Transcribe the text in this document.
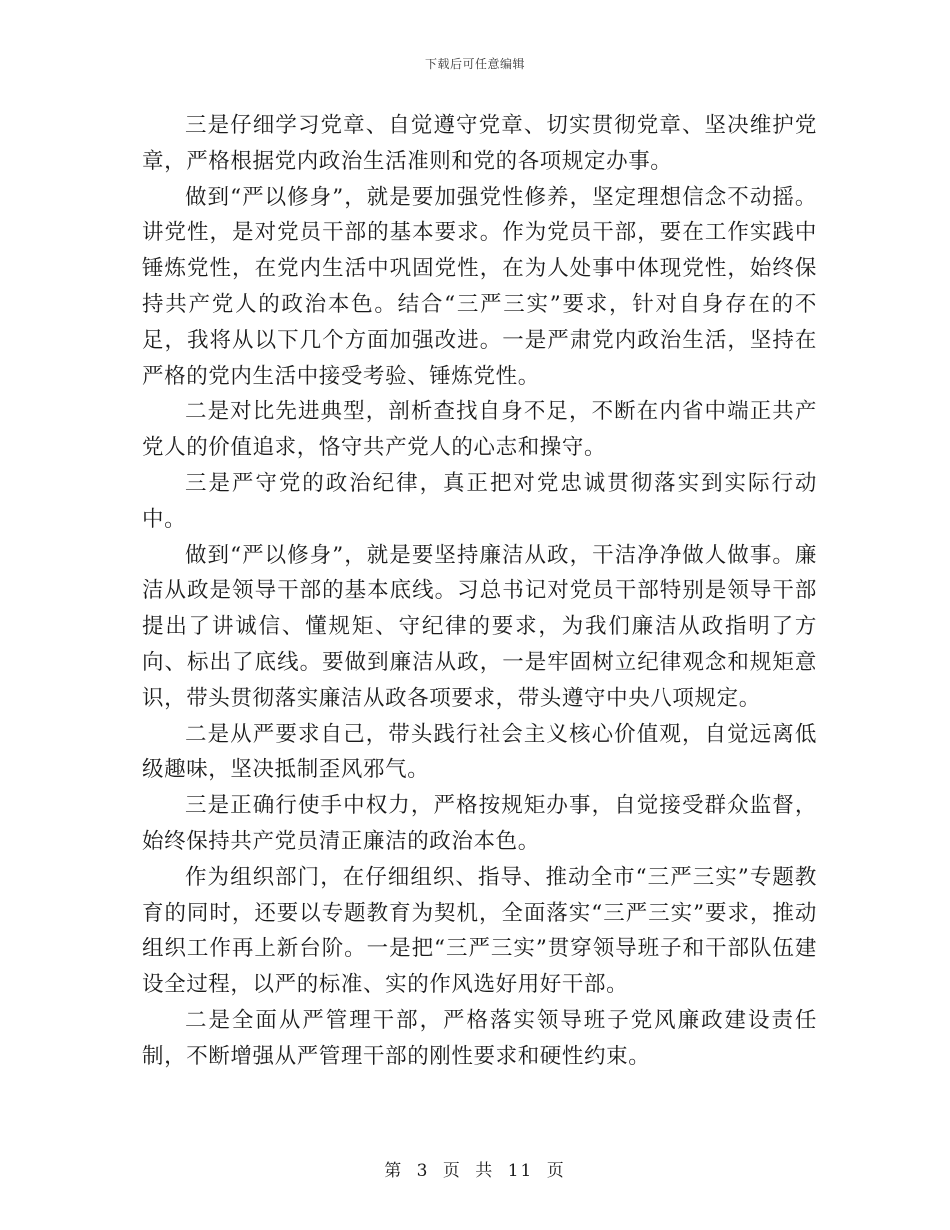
下载后可任意编辑

三是仔细学习党章、自觉遵守党章、切实贯彻党章、坚决维护党章，严格根据党内政治生活准则和党的各项规定办事。

做到“严以修身”，就是要加强党性修养，坚定理想信念不动摇。讲党性，是对党员干部的基本要求。作为党员干部，要在工作实践中锤炼党性，在党内生活中巩固党性，在为人处事中体现党性，始终保持共产党人的政治本色。结合“三严三实”要求，针对自身存在的不足，我将从以下几个方面加强改进。一是严肃党内政治生活，坚持在严格的党内生活中接受考验、锤炼党性。

二是对比先进典型，剖析查找自身不足，不断在内省中端正共产党人的价值追求，恪守共产党人的心志和操守。

三是严守党的政治纪律，真正把对党忠诚贯彻落实到实际行动中。

做到“严以修身”，就是要坚持廉洁从政，干洁净净做人做事。廉洁从政是领导干部的基本底线。习总书记对党员干部特别是领导干部提出了讲诚信、懂规矩、守纪律的要求，为我们廉洁从政指明了方向、标出了底线。要做到廉洁从政，一是牢固树立纪律观念和规矩意识，带头贯彻落实廉洁从政各项要求，带头遵守中央八项规定。

二是从严要求自己，带头践行社会主义核心价值观，自觉远离低级趣味，坚决抵制歪风邪气。

三是正确行使手中权力，严格按规矩办事，自觉接受群众监督，始终保持共产党员清正廉洁的政治本色。

作为组织部门，在仔细组织、指导、推动全市“三严三实”专题教育的同时，还要以专题教育为契机，全面落实“三严三实”要求，推动组织工作再上新台阶。一是把“三严三实”贯穿领导班子和干部队伍建设全过程，以严的标准、实的作风选好用好干部。

二是全面从严管理干部，严格落实领导班子党风廉政建设责任制，不断增强从严管理干部的刚性要求和硬性约束。

第 3 页 共 11 页
